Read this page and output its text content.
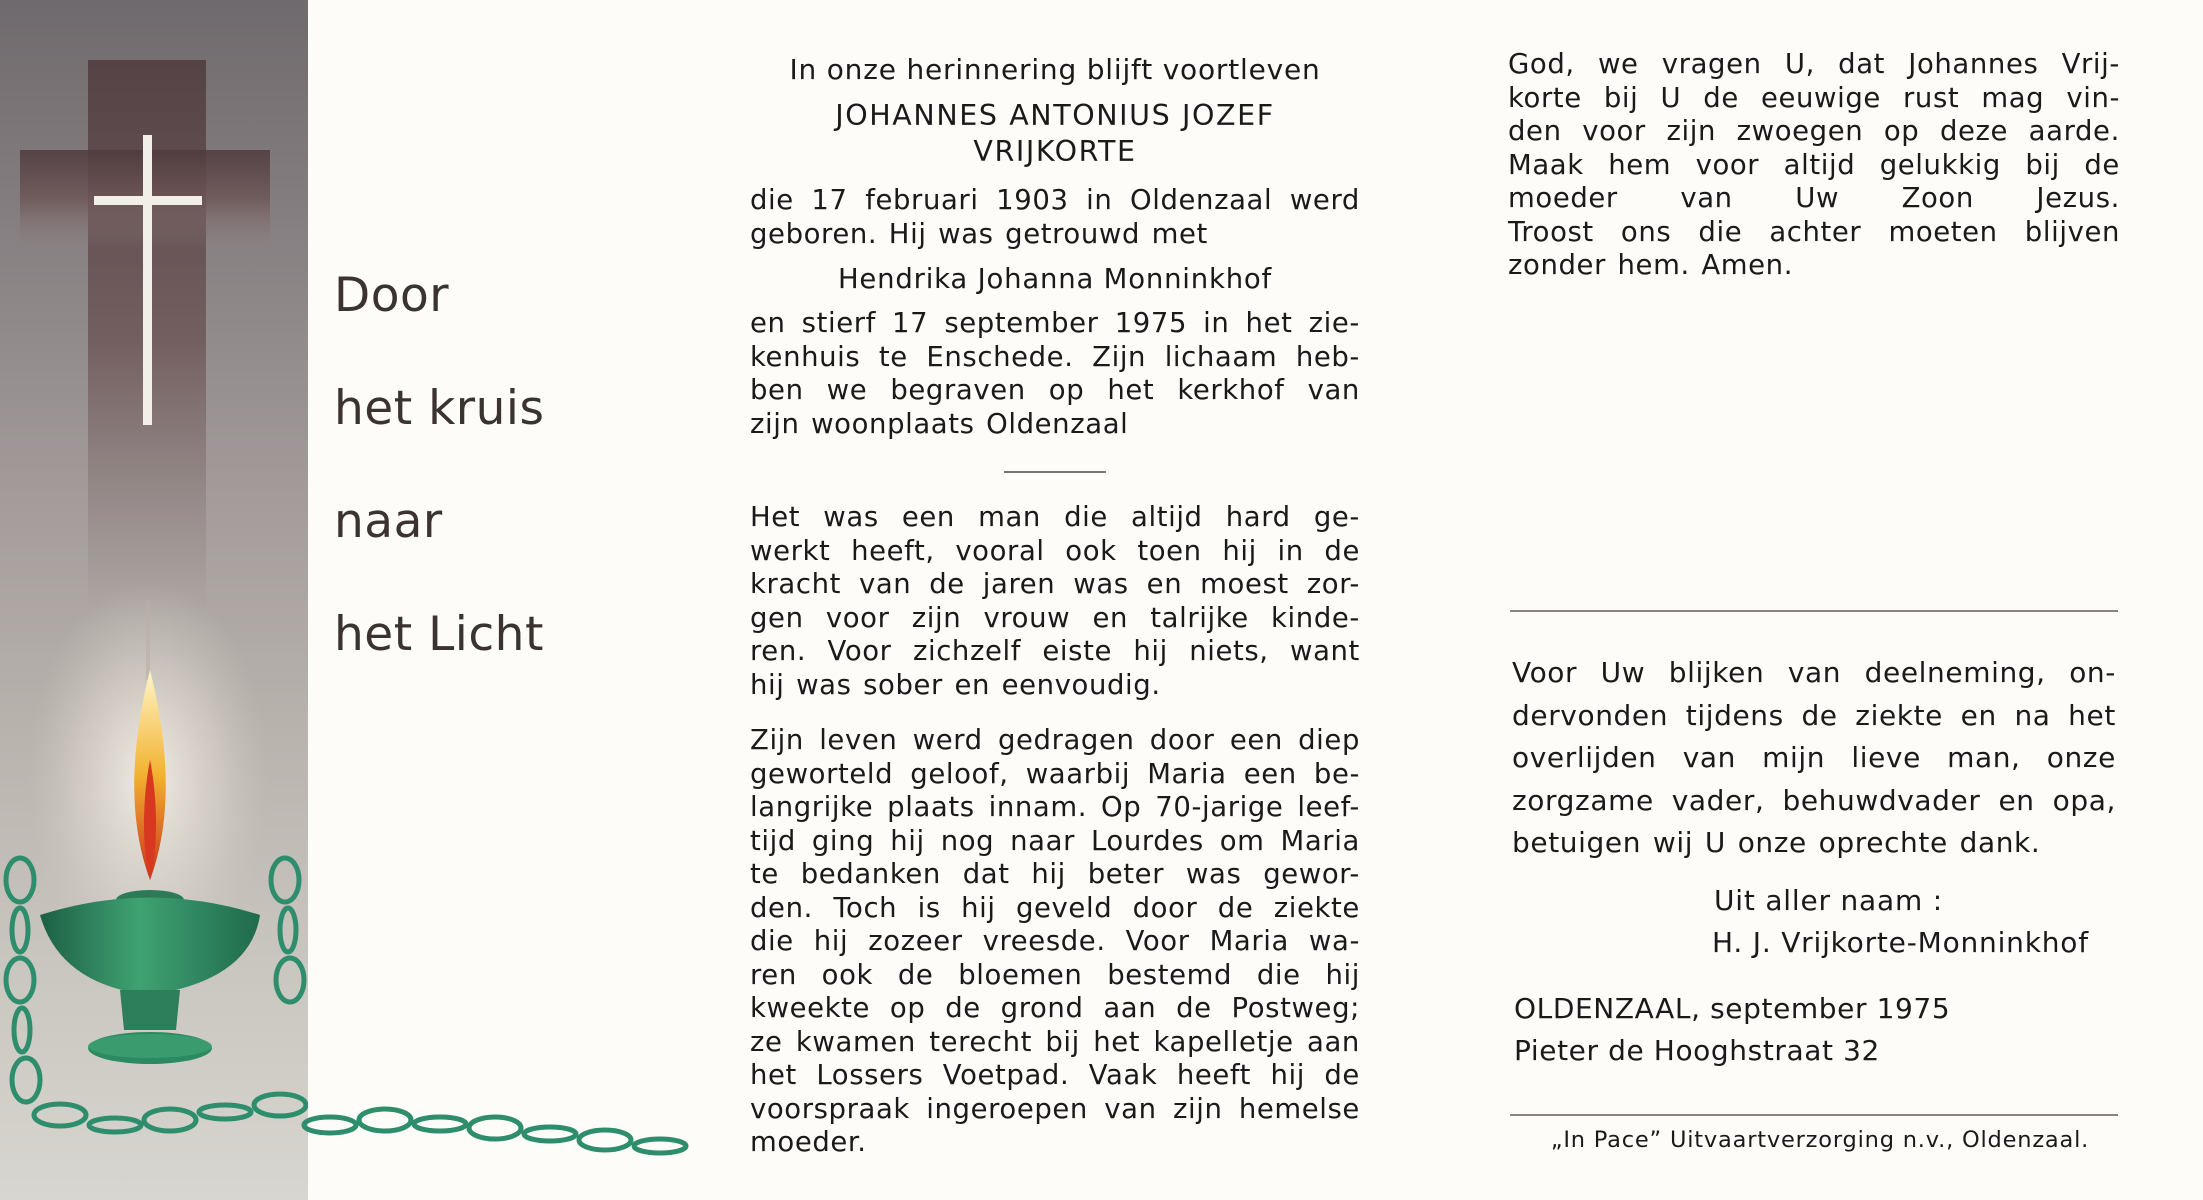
Door
het kruis
naar
het Licht
In onze herinnering blijft voortleven
JOHANNES ANTONIUS JOZEF
VRIJKORTE
die 17 februari 1903 in Oldenzaal werd
geboren. Hij was getrouwd met
Hendrika Johanna Monninkhof
en stierf 17 september 1975 in het zie-
kenhuis te Enschede. Zijn lichaam heb-
ben we begraven op het kerkhof van
zijn woonplaats Oldenzaal
Het was een man die altijd hard ge-
werkt heeft, vooral ook toen hij in de
kracht van de jaren was en moest zor-
gen voor zijn vrouw en talrijke kinde-
ren. Voor zichzelf eiste hij niets, want
hij was sober en eenvoudig.
Zijn leven werd gedragen door een diep
geworteld geloof, waarbij Maria een be-
langrijke plaats innam. Op 70-jarige leef-
tijd ging hij nog naar Lourdes om Maria
te bedanken dat hij beter was gewor-
den. Toch is hij geveld door de ziekte
die hij zozeer vreesde. Voor Maria wa-
ren ook de bloemen bestemd die hij
kweekte op de grond aan de Postweg;
ze kwamen terecht bij het kapelletje aan
het Lossers Voetpad. Vaak heeft hij de
voorspraak ingeroepen van zijn hemelse
moeder.
God, we vragen U, dat Johannes Vrij-
korte bij U de eeuwige rust mag vin-
den voor zijn zwoegen op deze aarde.
Maak hem voor altijd gelukkig bij de
moeder van Uw Zoon Jezus.
Troost ons die achter moeten blijven
zonder hem. Amen.
Voor Uw blijken van deelneming, on-
dervonden tijdens de ziekte en na het
overlijden van mijn lieve man, onze
zorgzame vader, behuwdvader en opa,
betuigen wij U onze oprechte dank.
Uit aller naam :
H. J. Vrijkorte-Monninkhof
OLDENZAAL, september 1975
Pieter de Hooghstraat 32
„In Pace” Uitvaartverzorging n.v., Oldenzaal.
